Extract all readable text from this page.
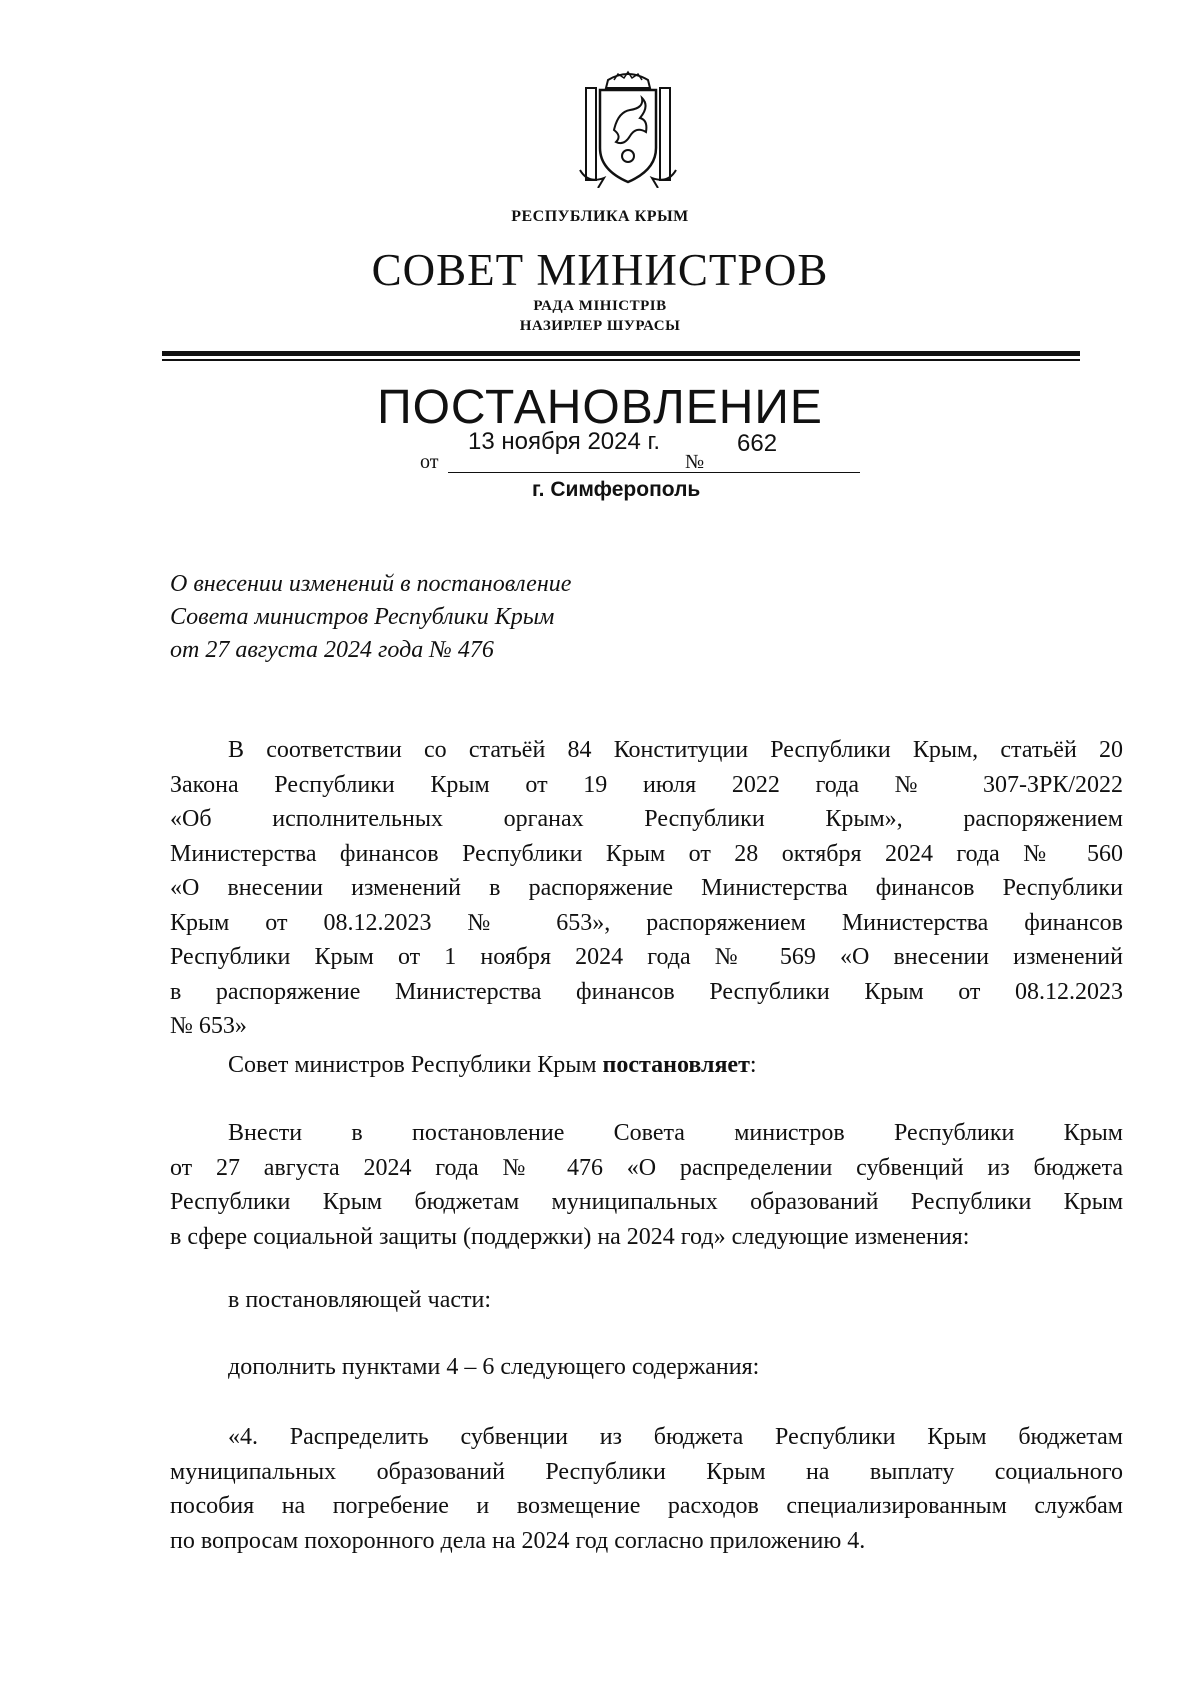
РЕСПУБЛИКА КРЫМ
СОВЕТ МИНИСТРОВ
РАДА МІНІСТРІВ
НАЗИРЛЕР ШУРАСЫ
ПОСТАНОВЛЕНИЕ
от
13 ноября 2024 г.
№
662
г. Симферополь
О внесении изменений в постановление
Совета министров Республики Крым
от 27 августа 2024 года № 476
В соответствии со статьёй 84 Конституции Республики Крым, статьёй 20
Закона Республики Крым от 19 июля 2022 года № 307-ЗРК/2022
«Об исполнительных органах Республики Крым», распоряжением
Министерства финансов Республики Крым от 28 октября 2024 года № 560
«О внесении изменений в распоряжение Министерства финансов Республики
Крым от 08.12.2023 № 653», распоряжением Министерства финансов
Республики Крым от 1 ноября 2024 года № 569 «О внесении изменений
в распоряжение Министерства финансов Республики Крым от 08.12.2023
№ 653»
Совет министров Республики Крым постановляет:
Внести в постановление Совета министров Республики Крым
от 27 августа 2024 года № 476 «О распределении субвенций из бюджета
Республики Крым бюджетам муниципальных образований Республики Крым
в сфере социальной защиты (поддержки) на 2024 год» следующие изменения:
в постановляющей части:
дополнить пунктами 4 – 6 следующего содержания:
«4. Распределить субвенции из бюджета Республики Крым бюджетам
муниципальных образований Республики Крым на выплату социального
пособия на погребение и возмещение расходов специализированным службам
по вопросам похоронного дела на 2024 год согласно приложению 4.
